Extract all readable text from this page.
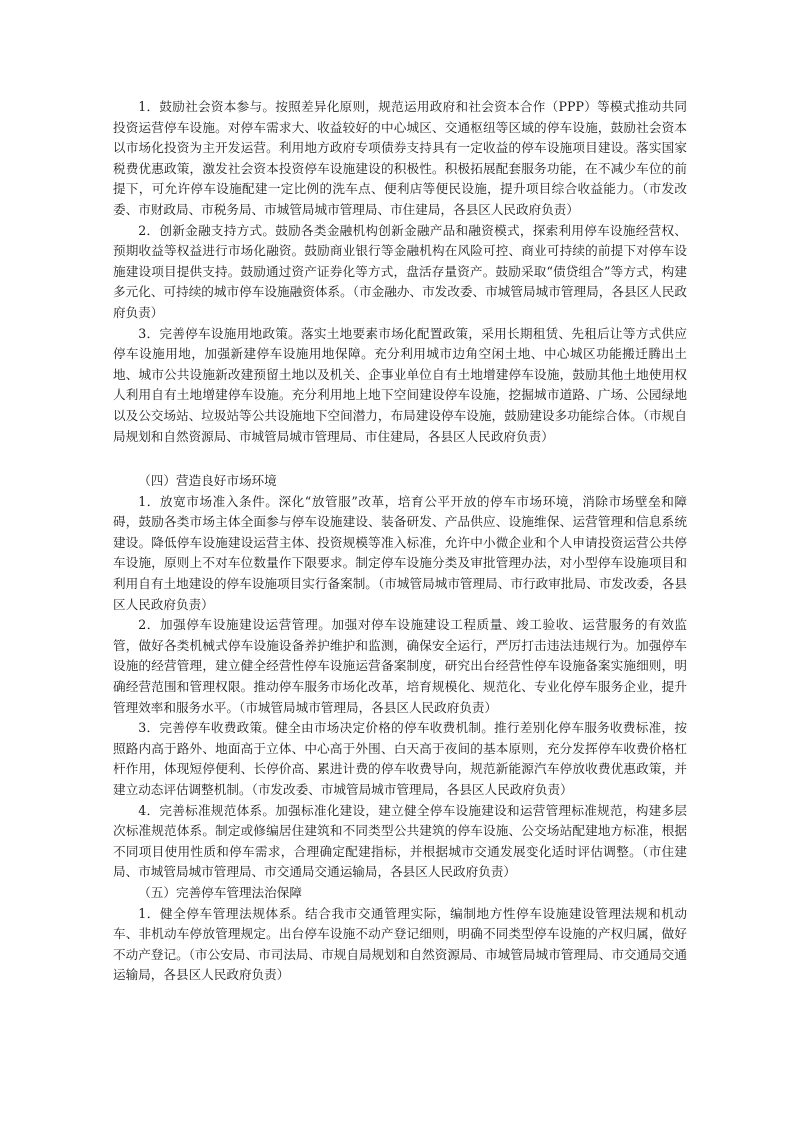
1．鼓励社会资本参与。按照差异化原则，规范运用政府和社会资本合作（PPP）等模式推动共同投资运营停车设施。对停车需求大、收益较好的中心城区、交通枢纽等区域的停车设施，鼓励社会资本以市场化投资为主开发运营。利用地方政府专项债券支持具有一定收益的停车设施项目建设。落实国家税费优惠政策，激发社会资本投资停车设施建设的积极性。积极拓展配套服务功能，在不减少车位的前提下，可允许停车设施配建一定比例的洗车点、便利店等便民设施，提升项目综合收益能力。（市发改委、市财政局、市税务局、市城管局城市管理局、市住建局，各县区人民政府负责）

2．创新金融支持方式。鼓励各类金融机构创新金融产品和融资模式，探索利用停车设施经营权、预期收益等权益进行市场化融资。鼓励商业银行等金融机构在风险可控、商业可持续的前提下对停车设施建设项目提供支持。鼓励通过资产证券化等方式，盘活存量资产。鼓励采取“债贷组合”等方式，构建多元化、可持续的城市停车设施融资体系。（市金融办、市发改委、市城管局城市管理局，各县区人民政府负责）

3．完善停车设施用地政策。落实土地要素市场化配置政策，采用长期租赁、先租后让等方式供应停车设施用地，加强新建停车设施用地保障。充分利用城市边角空闲土地、中心城区功能搬迁腾出土地、城市公共设施新改建预留土地以及机关、企事业单位自有土地增建停车设施，鼓励其他土地使用权人利用自有土地增建停车设施。充分利用地上地下空间建设停车设施，挖掘城市道路、广场、公园绿地以及公交场站、垃圾站等公共设施地下空间潜力，布局建设停车设施，鼓励建设多功能综合体。（市规自局规划和自然资源局、市城管局城市管理局、市住建局，各县区人民政府负责）

（四）营造良好市场环境

1．放宽市场准入条件。深化“放管服”改革，培育公平开放的停车市场环境，消除市场壁垒和障碍，鼓励各类市场主体全面参与停车设施建设、装备研发、产品供应、设施维保、运营管理和信息系统建设。降低停车设施建设运营主体、投资规模等准入标准，允许中小微企业和个人申请投资运营公共停车设施，原则上不对车位数量作下限要求。制定停车设施分类及审批管理办法，对小型停车设施项目和利用自有土地建设的停车设施项目实行备案制。（市城管局城市管理局、市行政审批局、市发改委，各县区人民政府负责）

2．加强停车设施建设运营管理。加强对停车设施建设工程质量、竣工验收、运营服务的有效监管，做好各类机械式停车设施设备养护维护和监测，确保安全运行，严厉打击违法违规行为。加强停车设施的经营管理，建立健全经营性停车设施运营备案制度，研究出台经营性停车设施备案实施细则，明确经营范围和管理权限。推动停车服务市场化改革，培育规模化、规范化、专业化停车服务企业，提升管理效率和服务水平。（市城管局城市管理局，各县区人民政府负责）

3．完善停车收费政策。健全由市场决定价格的停车收费机制。推行差别化停车服务收费标准，按照路内高于路外、地面高于立体、中心高于外围、白天高于夜间的基本原则，充分发挥停车收费价格杠杆作用，体现短停便利、长停价高、累进计费的停车收费导向，规范新能源汽车停放收费优惠政策，并建立动态评估调整机制。（市发改委、市城管局城市管理局，各县区人民政府负责）

4．完善标准规范体系。加强标准化建设，建立健全停车设施建设和运营管理标准规范，构建多层次标准规范体系。制定或修编居住建筑和不同类型公共建筑的停车设施、公交场站配建地方标准，根据不同项目使用性质和停车需求，合理确定配建指标，并根据城市交通发展变化适时评估调整。（市住建局、市城管局城市管理局、市交通局交通运输局，各县区人民政府负责）

（五）完善停车管理法治保障

1．健全停车管理法规体系。结合我市交通管理实际，编制地方性停车设施建设管理法规和机动车、非机动车停放管理规定。出台停车设施不动产登记细则，明确不同类型停车设施的产权归属，做好不动产登记。（市公安局、市司法局、市规自局规划和自然资源局、市城管局城市管理局、市交通局交通运输局，各县区人民政府负责）
